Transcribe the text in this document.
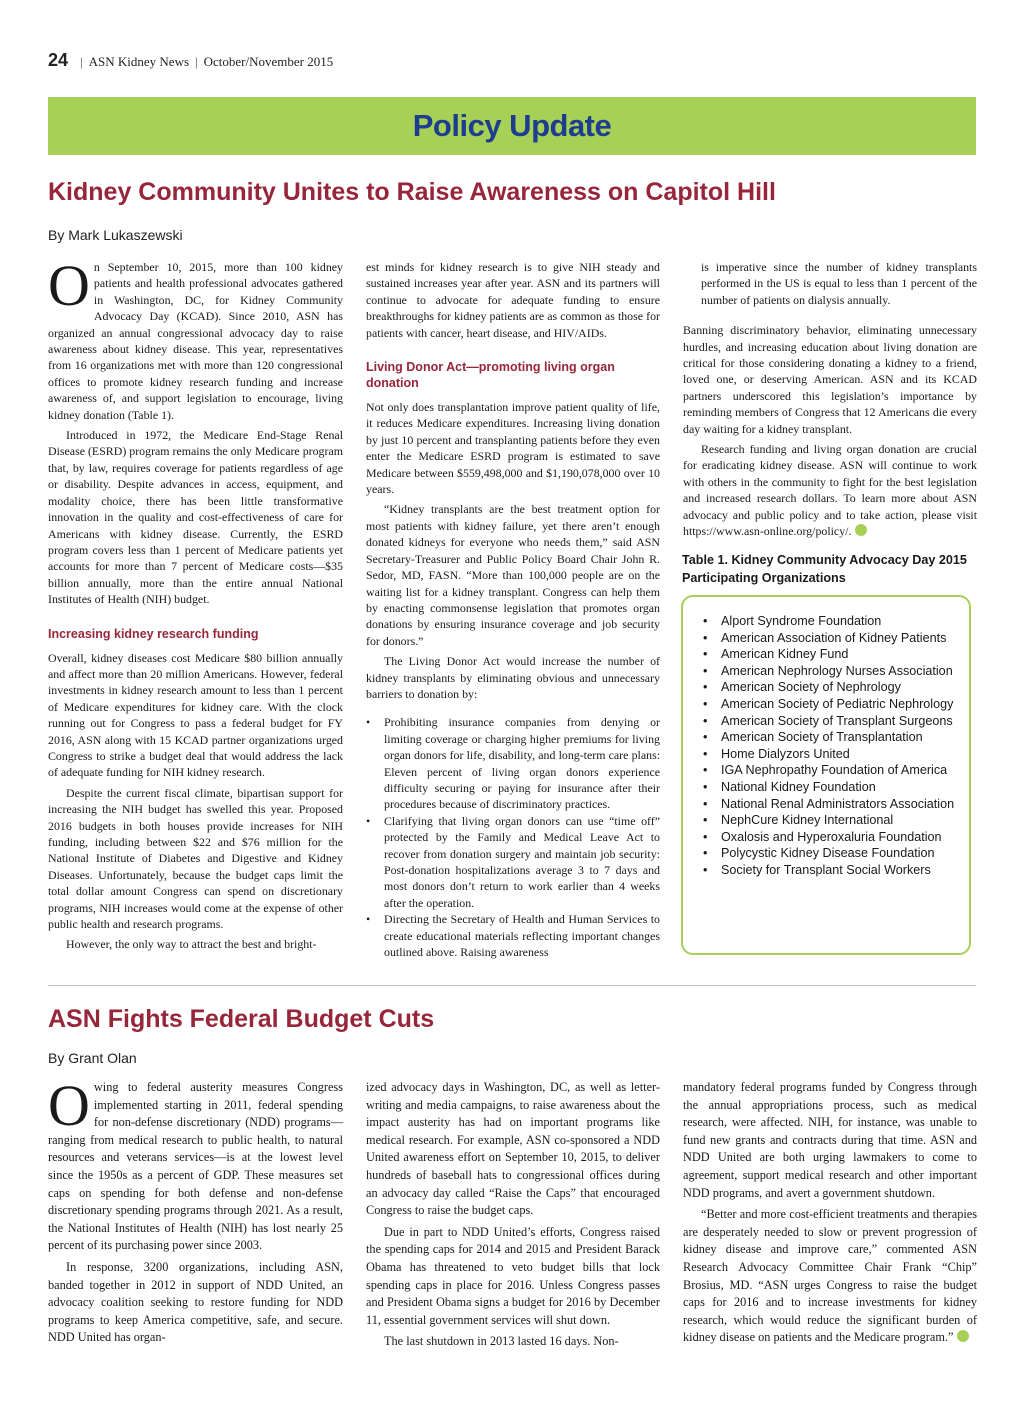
24 | ASN Kidney News | October/November 2015
Policy Update
Kidney Community Unites to Raise Awareness on Capitol Hill
By Mark Lukaszewski

O n September 10, 2015, more than 100 kidney patients and health professional advocates gathered in Washington, DC, for Kidney Community Advocacy Day (KCAD). Since 2010, ASN has organized an annual congressional advocacy day to raise awareness about kidney disease. This year, representatives from 16 organizations met with more than 120 congressional offices to promote kidney research funding and increase awareness of, and support legislation to encourage, living kidney donation (Table 1).

Introduced in 1972, the Medicare End-Stage Renal Disease (ESRD) program remains the only Medicare program that, by law, requires coverage for patients regardless of age or disability. Despite advances in access, equipment, and modality choice, there has been little transformative innovation in the quality and cost-effectiveness of care for Americans with kidney disease. Currently, the ESRD program covers less than 1 percent of Medicare patients yet accounts for more than 7 percent of Medicare costs—$35 billion annually, more than the entire annual National Institutes of Health (NIH) budget.

Increasing kidney research funding

Overall, kidney diseases cost Medicare $80 billion annually and affect more than 20 million Americans. However, federal investments in kidney research amount to less than 1 percent of Medicare expenditures for kidney care. With the clock running out for Congress to pass a federal budget for FY 2016, ASN along with 15 KCAD partner organizations urged Congress to strike a budget deal that would address the lack of adequate funding for NIH kidney research.

Despite the current fiscal climate, bipartisan support for increasing the NIH budget has swelled this year. Proposed 2016 budgets in both houses provide increases for NIH funding, including between $22 and $76 million for the National Institute of Diabetes and Digestive and Kidney Diseases. Unfortunately, because the budget caps limit the total dollar amount Congress can spend on discretionary programs, NIH increases would come at the expense of other public health and research programs.

However, the only way to attract the best and bright-

est minds for kidney research is to give NIH steady and sustained increases year after year. ASN and its partners will continue to advocate for adequate funding to ensure breakthroughs for kidney patients are as common as those for patients with cancer, heart disease, and HIV/AIDs.

Living Donor Act—promoting living organ donation

Not only does transplantation improve patient quality of life, it reduces Medicare expenditures. Increasing living donation by just 10 percent and transplanting patients before they even enter the Medicare ESRD program is estimated to save Medicare between $559,498,000 and $1,190,078,000 over 10 years.

“Kidney transplants are the best treatment option for most patients with kidney failure, yet there aren’t enough donated kidneys for everyone who needs them,” said ASN Secretary-Treasurer and Public Policy Board Chair John R. Sedor, MD, FASN. “More than 100,000 people are on the waiting list for a kidney transplant. Congress can help them by enacting commonsense legislation that promotes organ donations by ensuring insurance coverage and job security for donors.”

The Living Donor Act would increase the number of kidney transplants by eliminating obvious and unnecessary barriers to donation by:

• Prohibiting insurance companies from denying or limiting coverage or charging higher premiums for living organ donors for life, disability, and long-term care plans: Eleven percent of living organ donors experience difficulty securing or paying for insurance after their procedures because of discriminatory practices.
• Clarifying that living organ donors can use “time off” protected by the Family and Medical Leave Act to recover from donation surgery and maintain job security: Post-donation hospitalizations average 3 to 7 days and most donors don’t return to work earlier than 4 weeks after the operation.
• Directing the Secretary of Health and Human Services to create educational materials reflecting important changes outlined above. Raising awareness

is imperative since the number of kidney transplants performed in the US is equal to less than 1 percent of the number of patients on dialysis annually.

Banning discriminatory behavior, eliminating unnecessary hurdles, and increasing education about living donation are critical for those considering donating a kidney to a friend, loved one, or deserving American. ASN and its KCAD partners underscored this legislation’s importance by reminding members of Congress that 12 Americans die every day waiting for a kidney transplant.

Research funding and living organ donation are crucial for eradicating kidney disease. ASN will continue to work with others in the community to fight for the best legislation and increased research dollars. To learn more about ASN advocacy and public policy and to take action, please visit https://www.asn-online.org/policy/.

Table 1. Kidney Community Advocacy Day 2015 Participating Organizations
• Alport Syndrome Foundation
• American Association of Kidney Patients
• American Kidney Fund
• American Nephrology Nurses Association
• American Society of Nephrology
• American Society of Pediatric Nephrology
• American Society of Transplant Surgeons
• American Society of Transplantation
• Home Dialyzors United
• IGA Nephropathy Foundation of America
• National Kidney Foundation
• National Renal Administrators Association
• NephCure Kidney International
• Oxalosis and Hyperoxaluria Foundation
• Polycystic Kidney Disease Foundation
• Society for Transplant Social Workers
ASN Fights Federal Budget Cuts
By Grant Olan

O wing to federal austerity measures Congress implemented starting in 2011, federal spending for non-defense discretionary (NDD) programs—ranging from medical research to public health, to natural resources and veterans services—is at the lowest level since the 1950s as a percent of GDP. These measures set caps on spending for both defense and non-defense discretionary spending programs through 2021. As a result, the National Institutes of Health (NIH) has lost nearly 25 percent of its purchasing power since 2003.

In response, 3200 organizations, including ASN, banded together in 2012 in support of NDD United, an advocacy coalition seeking to restore funding for NDD programs to keep America competitive, safe, and secure. NDD United has organ-

ized advocacy days in Washington, DC, as well as letter-writing and media campaigns, to raise awareness about the impact austerity has had on important programs like medical research. For example, ASN co-sponsored a NDD United awareness effort on September 10, 2015, to deliver hundreds of baseball hats to congressional offices during an advocacy day called “Raise the Caps” that encouraged Congress to raise the budget caps.

Due in part to NDD United’s efforts, Congress raised the spending caps for 2014 and 2015 and President Barack Obama has threatened to veto budget bills that lock spending caps in place for 2016. Unless Congress passes and President Obama signs a budget for 2016 by December 11, essential government services will shut down.

The last shutdown in 2013 lasted 16 days. Non-

mandatory federal programs funded by Congress through the annual appropriations process, such as medical research, were affected. NIH, for instance, was unable to fund new grants and contracts during that time. ASN and NDD United are both urging lawmakers to come to agreement, support medical research and other important NDD programs, and avert a government shutdown.

“Better and more cost-efficient treatments and therapies are desperately needed to slow or prevent progression of kidney disease and improve care,” commented ASN Research Advocacy Committee Chair Frank “Chip” Brosius, MD. “ASN urges Congress to raise the budget caps for 2016 and to increase investments for kidney research, which would reduce the significant burden of kidney disease on patients and the Medicare program.”
